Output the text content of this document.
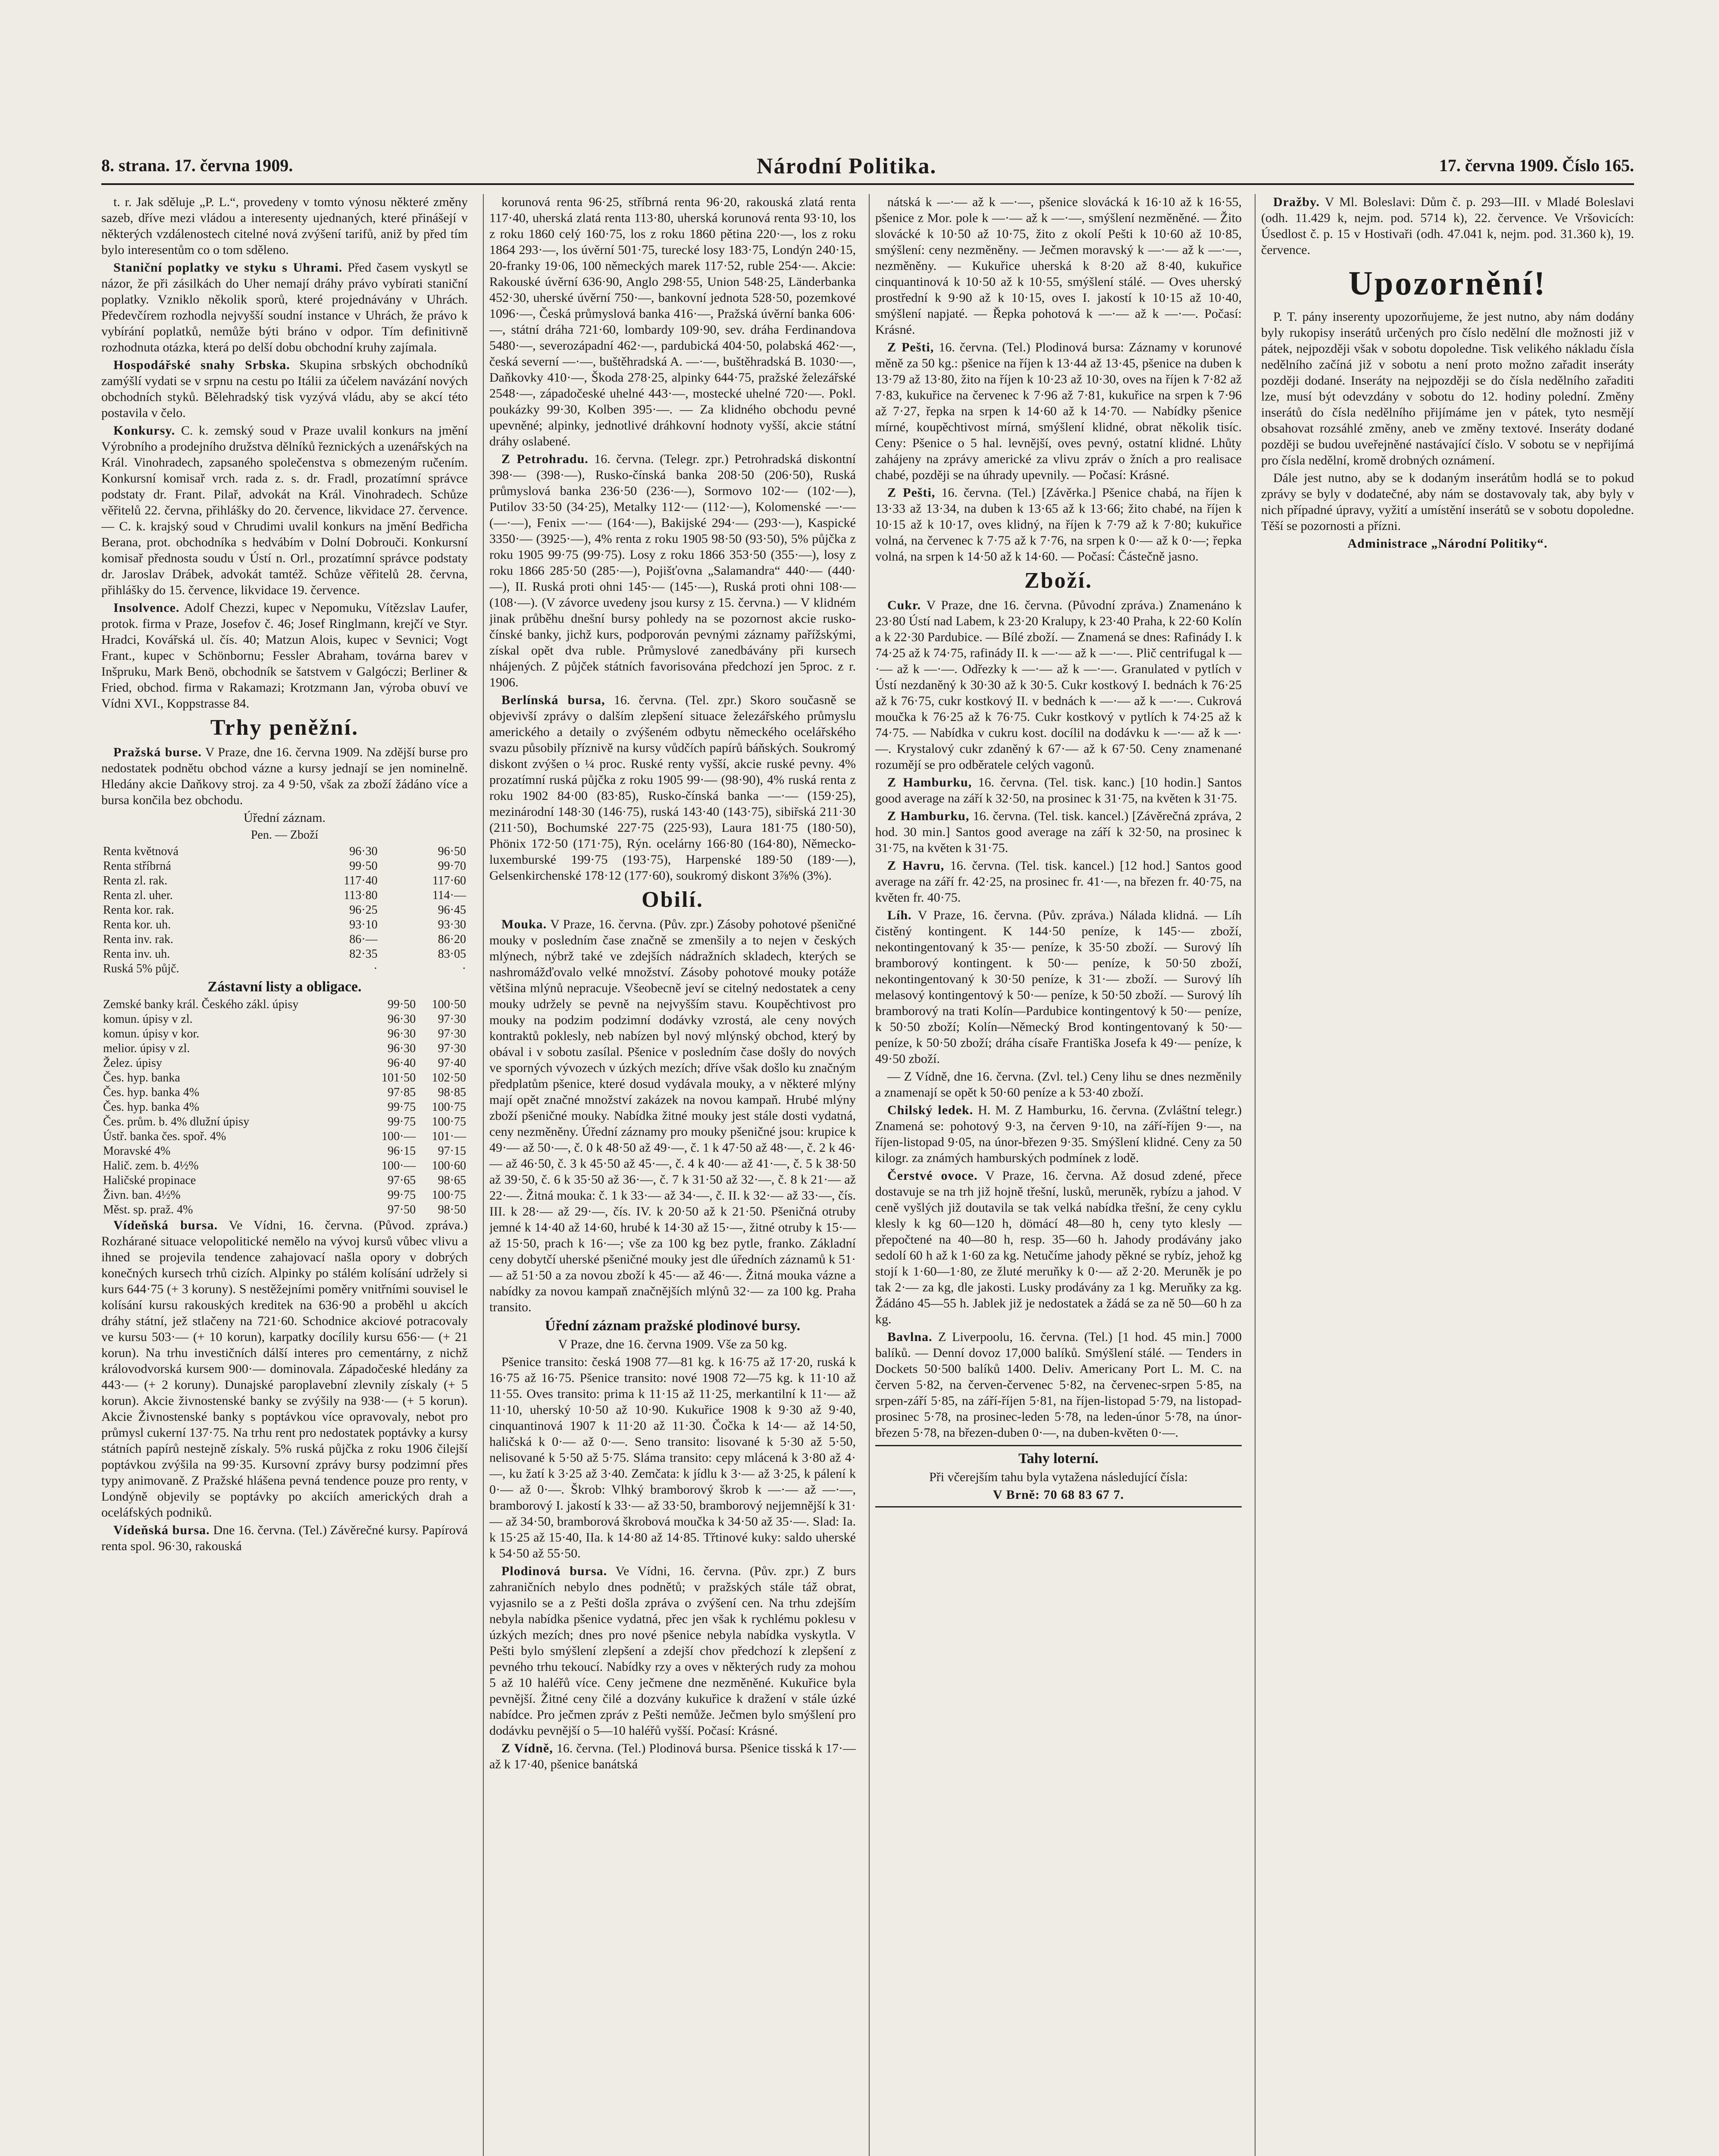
8. strana. 17. června 1909.	Národní Politika.	17. června 1909. Číslo 165.

t. r. Jak sděluje „P. L.“, provedeny v tomto výnosu některé změny sazeb, dříve mezi vládou a interesenty ujednaných, které přinášejí v některých vzdálenostech citelné nová zvýšení tarifů, aniž by před tím bylo interesentům co o tom sděleno.

Staniční poplatky ve styku s Uhrami. Před časem vyskytl se názor, že při zásilkách do Uher nemají dráhy právo vybírati staniční poplatky. Vzniklo několik sporů, které projednávány v Uhrách. Předevčírem rozhodla nejvyšší soudní instance v Uhrách, že právo k vybírání poplatků, nemůže býti bráno v odpor. Tím definitivně rozhodnuta otázka, která po delší dobu obchodní kruhy zajímala.

Hospodářské snahy Srbska. Skupina srbských obchodníků zamýšlí vydati se v srpnu na cestu po Itálii za účelem navázání nových obchodních styků. Bělehradský tisk vyzývá vládu, aby se akcí této postavila v čelo.

Konkursy. C. k. zemský soud v Praze uvalil konkurs na jmění Výrobního a prodejního družstva dělníků řeznických a uzenářských na Král. Vinohradech, zapsaného společenstva s obmezeným ručením. Konkursní komisař vrch. rada z. s. dr. Fradl, prozatímní správce podstaty dr. Frant. Pilař, advokát na Král. Vinohradech. Schůze věřitelů 22. června, přihlášky do 20. července, likvidace 27. července. — C. k. krajský soud v Chrudimi uvalil konkurs na jmění Bedřicha Berana, prot. obchodníka s hedvábím v Dolní Dobrouči. Konkursní komisař přednosta soudu v Ústí n. Orl., prozatímní správce podstaty dr. Jaroslav Drábek, advokát tamtéž. Schůze věřitelů 28. června, přihlášky do 15. července, likvidace 19. července.

Insolvence. Adolf Chezzi, kupec v Nepomuku, Vítězslav Laufer, protok. firma v Praze, Josefov č. 46; Josef Ringlmann, krejčí ve Styr. Hradci, Kovářská ul. čís. 40; Matzun Alois, kupec v Sevnici; Vogt Frant., kupec v Schönbornu; Fessler Abraham, továrna barev v Inšpruku, Mark Benö, obchodník se šatstvem v Galgóczi; Berliner & Fried, obchod. firma v Rakamazi; Krotzmann Jan, výroba obuví ve Vídni XVI., Koppstrasse 84.

Trhy peněžní.

Pražská burse. V Praze, dne 16. června 1909. Na zdější burse pro nedostatek podnětu obchod vázne a kursy jednají se jen nominelně. Hledány akcie Daňkovy stroj. za 4 9·50, však za zboží žádáno více a bursa končila bez obchodu.

Úřední záznam.
Pen. — Zboží
Renta květnová	96·30	96·50
Renta stříbrná	99·50	99·70
Renta zl. rak.	117·40	117·60
Renta zl. uher.	113·80	114·—
Renta kor. rak.	96·25	96·45
Renta kor. uh.	93·10	93·30
Renta inv. rak.	86·—	86·20
Renta inv. uh.	82·35	83·05
Ruská 5% půjč.	·	·
Zástavní listy a obligace.
Zemské banky král. Českého zákl. úpisy	99·50	100·50
komun. úpisy v zl.	96·30	97·30
komun. úpisy v kor.	96·30	97·30
melior. úpisy v zl.	96·30	97·30
Želez. úpisy	96·40	97·40
Čes. hyp. banka	101·50	102·50
Čes. hyp. banka 4%	97·85	98·85
Čes. hyp. banka 4%	99·75	100·75
Čes. prům. b. 4% dlužní úpisy	99·75	100·75
Ústř. banka čes. spoř. 4%	100·—	101·—
Moravské 4%	96·15	97·15
Halič. zem. b. 4½%	100·—	100·60
Haličské propinace	97·65	98·65
Živn. ban. 4½%	99·75	100·75
Měst. sp. praž. 4%	97·50	98·50

Vídeňská bursa. Ve Vídni, 16. června. (Původ. zpráva.) Rozhárané situace velopolitické nemělo na vývoj kursů vůbec vlivu a ihned se projevila tendence zahajovací našla opory v dobrých konečných kursech trhů cizích. Alpinky po stálém kolísání udržely si kurs 644·75 (+ 3 koruny). S nestěžejními poměry vnitřními souvisel le kolísání kursu rakouských kreditek na 636·90 a proběhl u akcích dráhy státní, jež stlačeny na 721·60. Schodnice akciové potracovaly ve kursu 503·— (+ 10 korun), karpatky docílily kursu 656·— (+ 21 korun). Na trhu investičních dálší interes pro cementárny, z nichž královodvorská kursem 900·— dominovala. Západočeské hledány za 443·— (+ 2 koruny). Dunajské paroplavební zlevnily získaly (+ 5 korun). Akcie živnostenské banky se zvýšily na 938·— (+ 5 korun). Akcie Živnostenské banky s poptávkou více opravovaly, nebot pro průmysl cukerní 137·75. Na trhu rent pro nedostatek poptávky a kursy státních papírů nestejně získaly. 5% ruská půjčka z roku 1906 čilejší poptávkou zvýšila na 99·35. Kursovní zprávy bursy podzimní přes typy animovaně. Z Pražské hlášena pevná tendence pouze pro renty, v Londýně objevily se poptávky po akciích amerických drah a oceláfských podniků.

Vídeňská bursa. Dne 16. června. (Tel.) Závěrečné kursy. Papírová renta spol. 96·30, rakouská

korunová renta 96·25, stříbrná renta 96·20, rakouská zlatá renta 117·40, uherská zlatá renta 113·80, uherská korunová renta 93·10, los z roku 1860 celý 160·75, los z roku 1860 pětina 220·—, los z roku 1864 293·—, los úvěrní 501·75, turecké losy 183·75, Londýn 240·15, 20-franky 19·06, 100 německých marek 117·52, ruble 254·—. Akcie: Rakouské úvěrní 636·90, Anglo 298·55, Union 548·25, Länderbanka 452·30, uherské úvěrní 750·—, bankovní jednota 528·50, pozemkové 1096·—, Česká průmyslová banka 416·—, Pražská úvěrní banka 606·—, státní dráha 721·60, lombardy 109·90, sev. dráha Ferdinandova 5480·—, severozápadní 462·—, pardubická 404·50, polabská 462·—, česká severní —·—, buštěhradská A. —·—, buštěhradská B. 1030·—, Daňkovky 410·—, Škoda 278·25, alpinky 644·75, pražské železářské 2548·—, západočeské uhelné 443·—, mostecké uhelné 720·—. Pokl. poukázky 99·30, Kolben 395·—. — Za klidného obchodu pevné upevněné; alpinky, jednotlivé dráhkovní hodnoty vyšší, akcie státní dráhy oslabené.

Z Petrohradu. 16. června. (Telegr. zpr.) Petrohradská diskontní 398·— (398·—), Rusko-čínská banka 208·50 (206·50), Ruská průmyslová banka 236·50 (236·—), Sormovo 102·— (102·—), Putilov 33·50 (34·25), Metalky 112·— (112·—), Kolomenské —·— (—·—), Fenix —·— (164·—), Bakijské 294·— (293·—), Kaspické 3350·— (3925·—), 4% renta z roku 1905 98·50 (93·50), 5% půjčka z roku 1905 99·75 (99·75). Losy z roku 1866 353·50 (355·—), losy z roku 1866 285·50 (285·—), Pojišťovna „Salamandra“ 440·— (440·—), II. Ruská proti ohni 145·— (145·—), Ruská proti ohni 108·— (108·—). (V závorce uvedeny jsou kursy z 15. června.) — V klidném jinak průběhu dnešní bursy pohledy na se pozornost akcie rusko-čínské banky, jichž kurs, podporován pevnými záznamy pařížskými, získal opět dva ruble. Průmyslové zanedbávány při kursech nhájených. Z půjček státních favorisována předchozí jen 5proc. z r. 1906.

Berlínská bursa, 16. června. (Tel. zpr.) Skoro současně se objevivší zprávy o dalším zlepšení situace železářského průmyslu amerického a detaily o zvýšeném odbytu německého ocelářského svazu působily příznivě na kursy vůdčích papírů báňských. Soukromý diskont zvýšen o ¼ proc. Ruské renty vyšší, akcie ruské pevny. 4% prozatímní ruská půjčka z roku 1905 99·— (98·90), 4% ruská renta z roku 1902 84·00 (83·85), Rusko-čínská banka —·— (159·25), mezinárodní 148·30 (146·75), ruská 143·40 (143·75), sibiřská 211·30 (211·50), Bochumské 227·75 (225·93), Laura 181·75 (180·50), Phönix 172·50 (171·75), Rýn. ocelárny 166·80 (164·80), Německo-luxemburské 199·75 (193·75), Harpenské 189·50 (189·—), Gelsenkirchenské 178·12 (177·60), soukromý diskont 3⅞% (3%).

Obilí.

Mouka. V Praze, 16. června. (Pův. zpr.) Zásoby pohotové pšeničné mouky v posledním čase značně se zmenšily a to nejen v českých mlýnech, nýbrž také ve zdejších nádražních skladech, kterých se nashromážďovalo velké množství. Zásoby pohotové mouky potáže většina mlýnů nepracuje. Všeobecně jeví se citelný nedostatek a ceny mouky udržely se pevně na nejvyšším stavu. Koupěchtivost pro mouky na podzim podzimní dodávky vzrostá, ale ceny nových kontraktů poklesly, neb nabízen byl nový mlýnský obchod, který by obával i v sobotu zasílal. Pšenice v posledním čase došly do nových ve sporných vývozech v úzkých mezích; dříve však došlo ku značným předplatům pšenice, které dosud vydávala mouky, a v některé mlýny mají opět značné množství zakázek na novou kampaň. Hrubé mlýny zboží pšeničné mouky. Nabídka žitné mouky jest stále dosti vydatná, ceny nezměněny. Úřední záznamy pro mouky pšeničné jsou: krupice k 49·— až 50·—, č. 0 k 48·50 až 49·—, č. 1 k 47·50 až 48·—, č. 2 k 46·— až 46·50, č. 3 k 45·50 až 45·—, č. 4 k 40·— až 41·—, č. 5 k 38·50 až 39·50, č. 6 k 35·50 až 36·—, č. 7 k 31·50 až 32·—, č. 8 k 21·— až 22·—. Žitná mouka: č. 1 k 33·— až 34·—, č. II. k 32·— až 33·—, čís. III. k 28·— až 29·—, čís. IV. k 20·50 až k 21·50. Pšeničná otruby jemné k 14·40 až 14·60, hrubé k 14·30 až 15·—, žitné otruby k 15·— až 15·50, prach k 16·—; vše za 100 kg bez pytle, franko. Základní ceny dobytčí uherské pšeničné mouky jest dle úředních záznamů k 51·— až 51·50 a za novou zboží k 45·— až 46·—. Žitná mouka vázne a nabídky za novou kampaň značnějších mlýnů 32·— za 100 kg. Praha transito.

Úřední záznam pražské plodinové bursy.
V Praze, dne 16. června 1909. Vše za 50 kg.

Pšenice transito: česká 1908 77—81 kg. k 16·75 až 17·20, ruská k 16·75 až 16·75. Pšenice transito: nové 1908 72—75 kg. k 11·10 až 11·55. Oves transito: prima k 11·15 až 11·25, merkantilní k 11·— až 11·10, uherský 10·50 až 10·90. Kukuřice 1908 k 9·30 až 9·40, cinquantinová 1907 k 11·20 až 11·30. Čočka k 14·— až 14·50, haličská k 0·— až 0·—. Seno transito: lisované k 5·30 až 5·50, nelisované k 5·50 až 5·75. Sláma transito: cepy mlácená k 3·80 až 4·—, ku žatí k 3·25 až 3·40. Zemčata: k jídlu k 3·— až 3·25, k pálení k 0·— až 0·—. Škrob: Vlhký bramborový škrob k —·— až —·—, bramborový I. jakostí k 33·— až 33·50, bramborový nejjemnější k 31·— až 34·50, bramborová škrobová moučka k 34·50 až 35·—. Slad: Ia. k 15·25 až 15·40, IIa. k 14·80 až 14·85. Třtinové kuky: saldo uherské k 54·50 až 55·50.

Plodinová bursa. Ve Vídni, 16. června. (Pův. zpr.) Z burs zahraničních nebylo dnes podnětů; v pražských stále táž obrat, vyjasnilo se a z Pešti došla zpráva o zvýšení cen. Na trhu zdejším nebyla nabídka pšenice vydatná, přec jen však k rychlému poklesu v úzkých mezích; dnes pro nové pšenice nebyla nabídka vyskytla. V Pešti bylo smýšlení zlepšení a zdejší chov předchozí k zlepšení z pevného trhu tekoucí. Nabídky rzy a oves v některých rudy za mohou 5 až 10 haléřů více. Ceny ječmene dne nezměněné. Kukuřice byla pevnější. Žitné ceny čilé a dozvány kukuřice k dražení v stále úzké nabídce. Pro ječmen zpráv z Pešti nemůže. Ječmen bylo smýšlení pro dodávku pevnější o 5—10 haléřů vyšší. Počasí: Krásné.

Z Vídně, 16. června. (Tel.) Plodinová bursa. Pšenice tisská k 17·— až k 17·40, pšenice banátská

nátská k —·— až k —·—, pšenice slovácká k 16·10 až k 16·55, pšenice z Mor. pole k —·— až k —·—, smýšlení nezměněné. — Žito slovácké k 10·50 až 10·75, žito z okolí Pešti k 10·60 až 10·85, smýšlení: ceny nezměněny. — Ječmen moravský k —·— až k —·—, nezměněny. — Kukuřice uherská k 8·20 až 8·40, kukuřice cinquantinová k 10·50 až k 10·55, smýšlení stálé. — Oves uherský prostřední k 9·90 až k 10·15, oves I. jakostí k 10·15 až 10·40, smýšlení napjaté. — Řepka pohotová k —·— až k —·—. Počasí: Krásné.

Z Pešti, 16. června. (Tel.) Plodinová bursa: Záznamy v korunové měně za 50 kg.: pšenice na říjen k 13·44 až 13·45, pšenice na duben k 13·79 až 13·80, žito na říjen k 10·23 až 10·30, oves na říjen k 7·82 až 7·83, kukuřice na červenec k 7·96 až 7·81, kukuřice na srpen k 7·96 až 7·27, řepka na srpen k 14·60 až k 14·70. — Nabídky pšenice mírné, koupěchtivost mírná, smýšlení klidné, obrat několik tisíc. Ceny: Pšenice o 5 hal. levnější, oves pevný, ostatní klidné. Lhůty zahájeny na zprávy americké za vlivu zpráv o žních a pro realisace chabé, později se na úhrady upevnily. — Počasí: Krásné.

Z Pešti, 16. června. (Tel.) [Závěrka.] Pšenice chabá, na říjen k 13·33 až 13·34, na duben k 13·65 až k 13·66; žito chabé, na říjen k 10·15 až k 10·17, oves klidný, na říjen k 7·79 až k 7·80; kukuřice volná, na červenec k 7·75 až k 7·76, na srpen k 0·— až k 0·—; řepka volná, na srpen k 14·50 až k 14·60. — Počasí: Částečně jasno.

Zboží.

Cukr. V Praze, dne 16. června. (Původní zpráva.) Znamenáno k 23·80 Ústí nad Labem, k 23·20 Kralupy, k 23·40 Praha, k 22·60 Kolín a k 22·30 Pardubice. — Bílé zboží. — Znamená se dnes: Rafinády I. k 74·25 až k 74·75, rafinády II. k —·— až k —·—. Plič centrifugal k —·— až k —·—. Odřezky k —·— až k —·—. Granulated v pytlích v Ústí nezdaněný k 30·30 až k 30·5. Cukr kostkový I. bednách k 76·25 až k 76·75, cukr kostkový II. v bednách k —·— až k —·—. Cukrová moučka k 76·25 až k 76·75. Cukr kostkový v pytlích k 74·25 až k 74·75. — Nabídka v cukru kost. docílil na dodávku k —·— až k —·—. Krystalový cukr zdaněný k 67·— až k 67·50. Ceny znamenané rozumějí se pro odběratele celých vagonů.

Z Hamburku, 16. června. (Tel. tisk. kanc.) [10 hodin.] Santos good average na září k 32·50, na prosinec k 31·75, na květen k 31·75.

Z Hamburku, 16. června. (Tel. tisk. kancel.) [Závěrečná zpráva, 2 hod. 30 min.] Santos good average na září k 32·50, na prosinec k 31·75, na květen k 31·75.

Z Havru, 16. června. (Tel. tisk. kancel.) [12 hod.] Santos good average na září fr. 42·25, na prosinec fr. 41·—, na březen fr. 40·75, na květen fr. 40·75.

Líh. V Praze, 16. června. (Pův. zpráva.) Nálada klidná. — Líh čistěný kontingent. K 144·50 peníze, k 145·— zboží, nekontingentovaný k 35·— peníze, k 35·50 zboží. — Surový líh bramborový kontingent. k 50·— peníze, k 50·50 zboží, nekontingentovaný k 30·50 peníze, k 31·— zboží. — Surový líh melasový kontingentový k 50·— peníze, k 50·50 zboží. — Surový líh bramborový na trati Kolín—Pardubice kontingentový k 50·— peníze, k 50·50 zboží; Kolín—Německý Brod kontingentovaný k 50·— peníze, k 50·50 zboží; dráha císaře Františka Josefa k 49·— peníze, k 49·50 zboží.

— Z Vídně, dne 16. června. (Zvl. tel.) Ceny lihu se dnes nezměnily a znamenají se opět k 50·60 peníze a k 53·40 zboží.

Chilský ledek. H. M. Z Hamburku, 16. června. (Zvláštní telegr.) Znamená se: pohotový 9·3, na červen 9·10, na září-říjen 9·—, na říjen-listopad 9·05, na únor-březen 9·35. Smýšlení klidné. Ceny za 50 kilogr. za známých hamburských podmínek z lodě.

Čerstvé ovoce. V Praze, 16. června. Až dosud zdené, přece dostavuje se na trh již hojně třešní, lusků, meruněk, rybízu a jahod. V ceně vyšlých již doutavila se tak velká nabídka třešní, že ceny cyklu klesly k kg 60—120 h, dömácí 48—80 h, ceny tyto klesly — přepočtené na 40—80 h, resp. 35—60 h. Jahody prodávány jako sedolí 60 h až k 1·60 za kg. Netučíme jahody pěkné se rybíz, jehož kg stojí k 1·60—1·80, ze žluté meruňky k 0·— až 2·20. Meruněk je po tak 2·— za kg, dle jakosti. Lusky prodávány za 1 kg. Meruňky za kg. Žádáno 45—55 h. Jablek již je nedostatek a žádá se za ně 50—60 h za kg.

Bavlna. Z Liverpoolu, 16. června. (Tel.) [1 hod. 45 min.] 7000 balíků. — Denní dovoz 17,000 balíků. Smýšlení stálé. — Tenders in Dockets 50·500 balíků 1400. Deliv. Americany Port L. M. C. na červen 5·82, na červen-červenec 5·82, na červenec-srpen 5·85, na srpen-září 5·85, na září-říjen 5·81, na říjen-listopad 5·79, na listopad-prosinec 5·78, na prosinec-leden 5·78, na leden-únor 5·78, na únor-březen 5·78, na březen-duben 0·—, na duben-květen 0·—.

Tahy loterní.
Při včerejším tahu byla vytažena následující čísla:
V Brně: 70 68 83 67 7.

Dražby. V Ml. Boleslavi: Dům č. p. 293—III. v Mladé Boleslavi (odh. 11.429 k, nejm. pod. 5714 k), 22. července. Ve Vršovicích: Úsedlost č. p. 15 v Hostivaři (odh. 47.041 k, nejm. pod. 31.360 k), 19. července.

Upozornění!

P. T. pány inserenty upozorňujeme, že jest nutno, aby nám dodány byly rukopisy inserátů určených pro číslo nedělní dle možnosti již v pátek, nejpozději však v sobotu dopoledne. Tisk velikého nákladu čísla nedělního začíná již v sobotu a není proto možno zařadit inseráty později dodané. Inseráty na nejpozději se do čísla nedělního zařaditi lze, musí být odevzdány v sobotu do 12. hodiny polední. Změny inserátů do čísla nedělního přijímáme jen v pátek, tyto nesmějí obsahovat rozsáhlé změny, aneb ve změny textové. Inseráty dodané později se budou uveřejněné nastávající číslo. V sobotu se v nepřijímá pro čísla nedělní, kromě drobných oznámení.

Dále jest nutno, aby se k dodaným inserátům hodlá se to pokud zprávy se byly v dodatečné, aby nám se dostavovaly tak, aby byly v nich případné úpravy, vyžití a umístění inserátů se v sobotu dopoledne. Těší se pozornosti a přízni.

Administrace „Národní Politiky“.
